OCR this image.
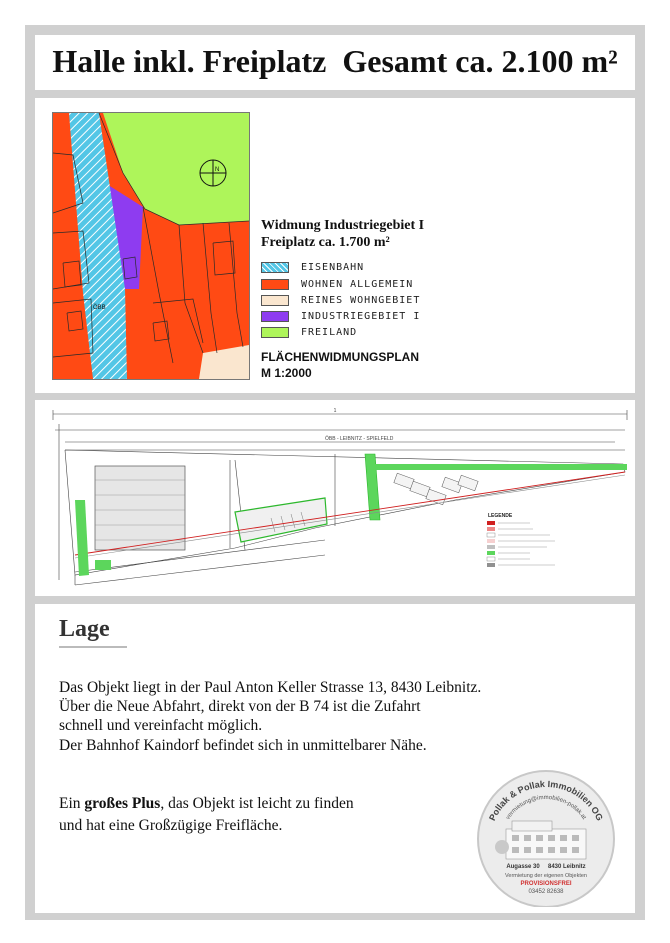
Halle inkl. Freiplatz  Gesamt ca. 2.100 m²
N
ÖBB
Widmung Industriegebiet I
Freiplatz ca. 1.700 m²
EISENBAHN
WOHNEN ALLGEMEIN
REINES WOHNGEBIET
INDUSTRIEGEBIET I
FREILAND
FLÄCHENWIDMUNGSPLAN
M 1:2000
1
ÖBB - LEIBNITZ - SPIELFELD
LEGENDE
Lage
Das Objekt liegt in der Paul Anton Keller Strasse 13, 8430 Leibnitz.
Über die Neue Abfahrt, direkt von der B 74 ist die Zufahrt
schnell und vereinfacht möglich.
Der Bahnhof Kaindorf befindet sich in unmittelbarer Nähe.
Ein großes Plus, das Objekt ist leicht zu finden
und hat eine Großzügige Freifläche.	Pollak & Pollak Immobilien OG
vermietung@immobilien-pollak.at
Augasse 30     8430 Leibnitz
Vermietung der eigenen Objekten
PROVISIONSFREI
03452 82638
